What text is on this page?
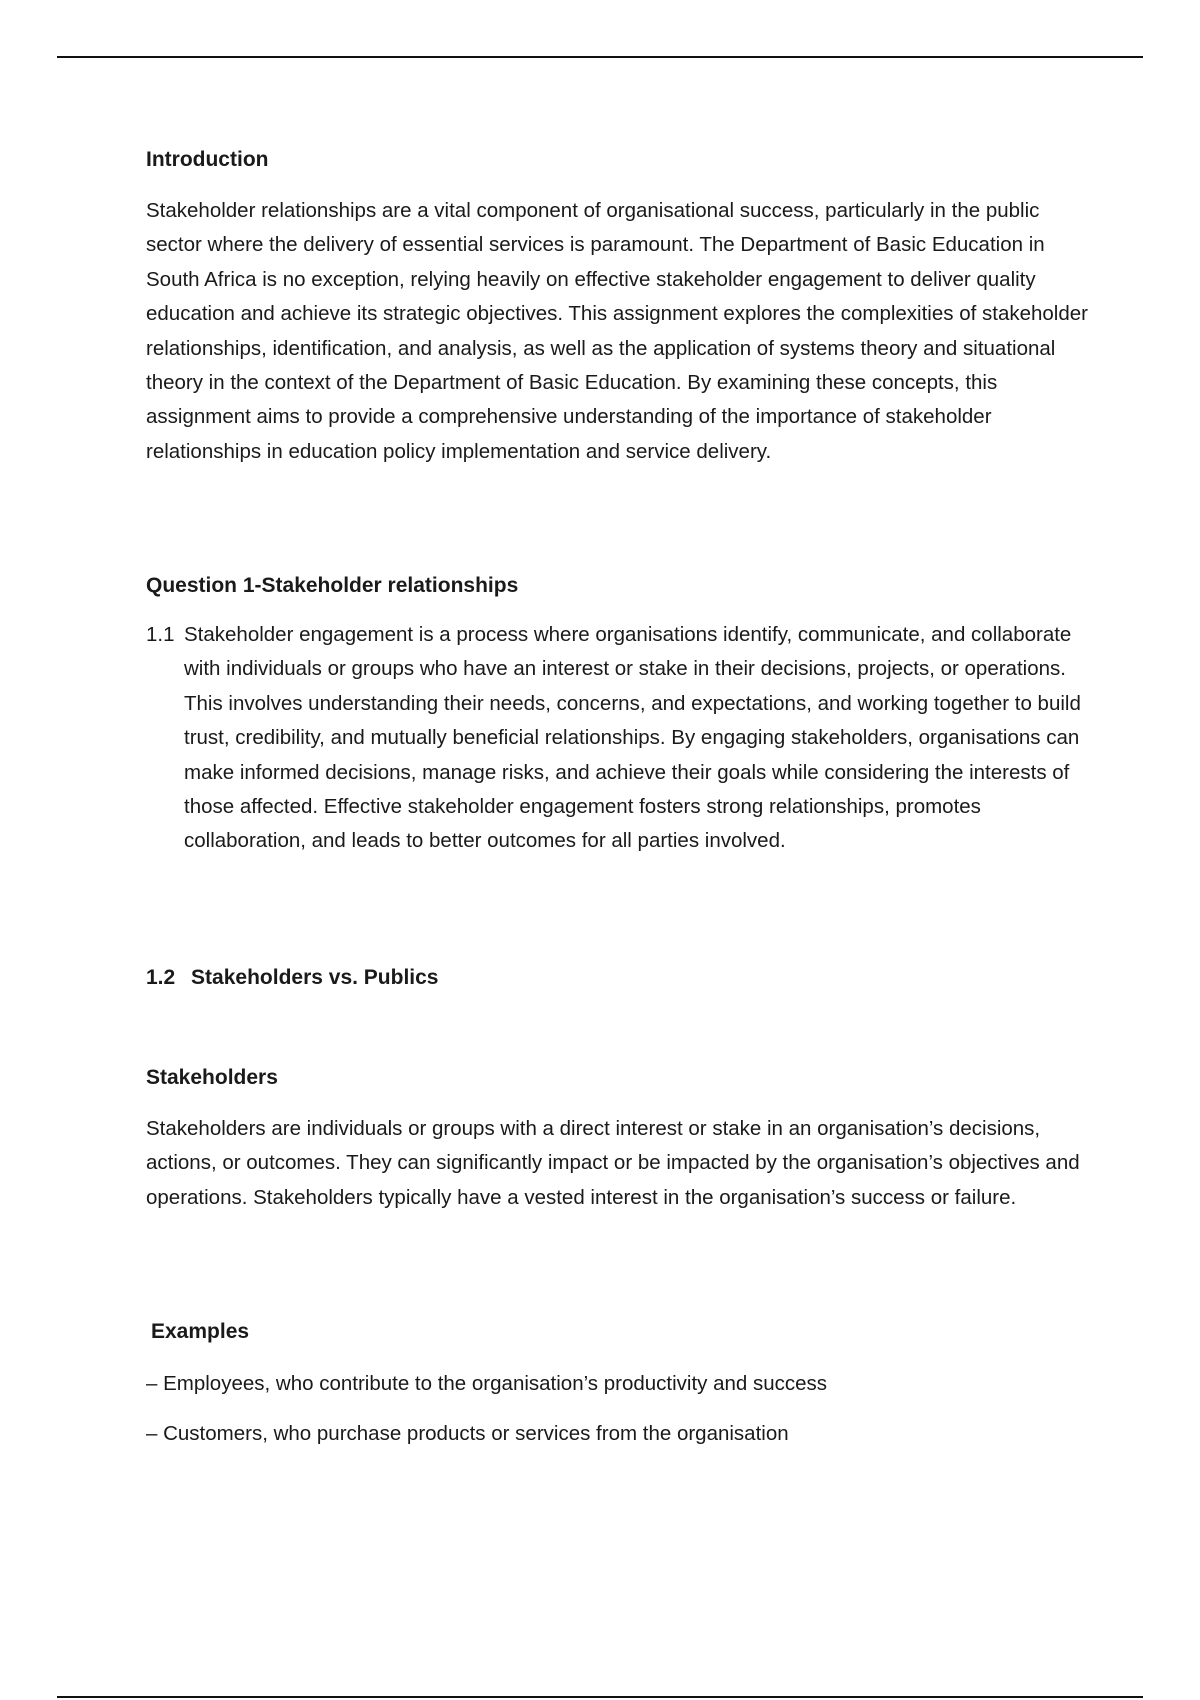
Introduction

Stakeholder relationships are a vital component of organisational success, particularly in the public sector where the delivery of essential services is paramount. The Department of Basic Education in South Africa is no exception, relying heavily on effective stakeholder engagement to deliver quality education and achieve its strategic objectives. This assignment explores the complexities of stakeholder relationships, identification, and analysis, as well as the application of systems theory and situational theory in the context of the Department of Basic Education. By examining these concepts, this assignment aims to provide a comprehensive understanding of the importance of stakeholder relationships in education policy implementation and service delivery.

Question 1-Stakeholder relationships
1.1 Stakeholder engagement is a process where organisations identify, communicate, and collaborate with individuals or groups who have an interest or stake in their decisions, projects, or operations. This involves understanding their needs, concerns, and expectations, and working together to build trust, credibility, and mutually beneficial relationships. By engaging stakeholders, organisations can make informed decisions, manage risks, and achieve their goals while considering the interests of those affected. Effective stakeholder engagement fosters strong relationships, promotes collaboration, and leads to better outcomes for all parties involved.
1.2 Stakeholders vs. Publics
Stakeholders

Stakeholders are individuals or groups with a direct interest or stake in an organisation’s decisions, actions, or outcomes. They can significantly impact or be impacted by the organisation’s objectives and operations. Stakeholders typically have a vested interest in the organisation’s success or failure.

Examples

– Employees, who contribute to the organisation’s productivity and success

– Customers, who purchase products or services from the organisation
